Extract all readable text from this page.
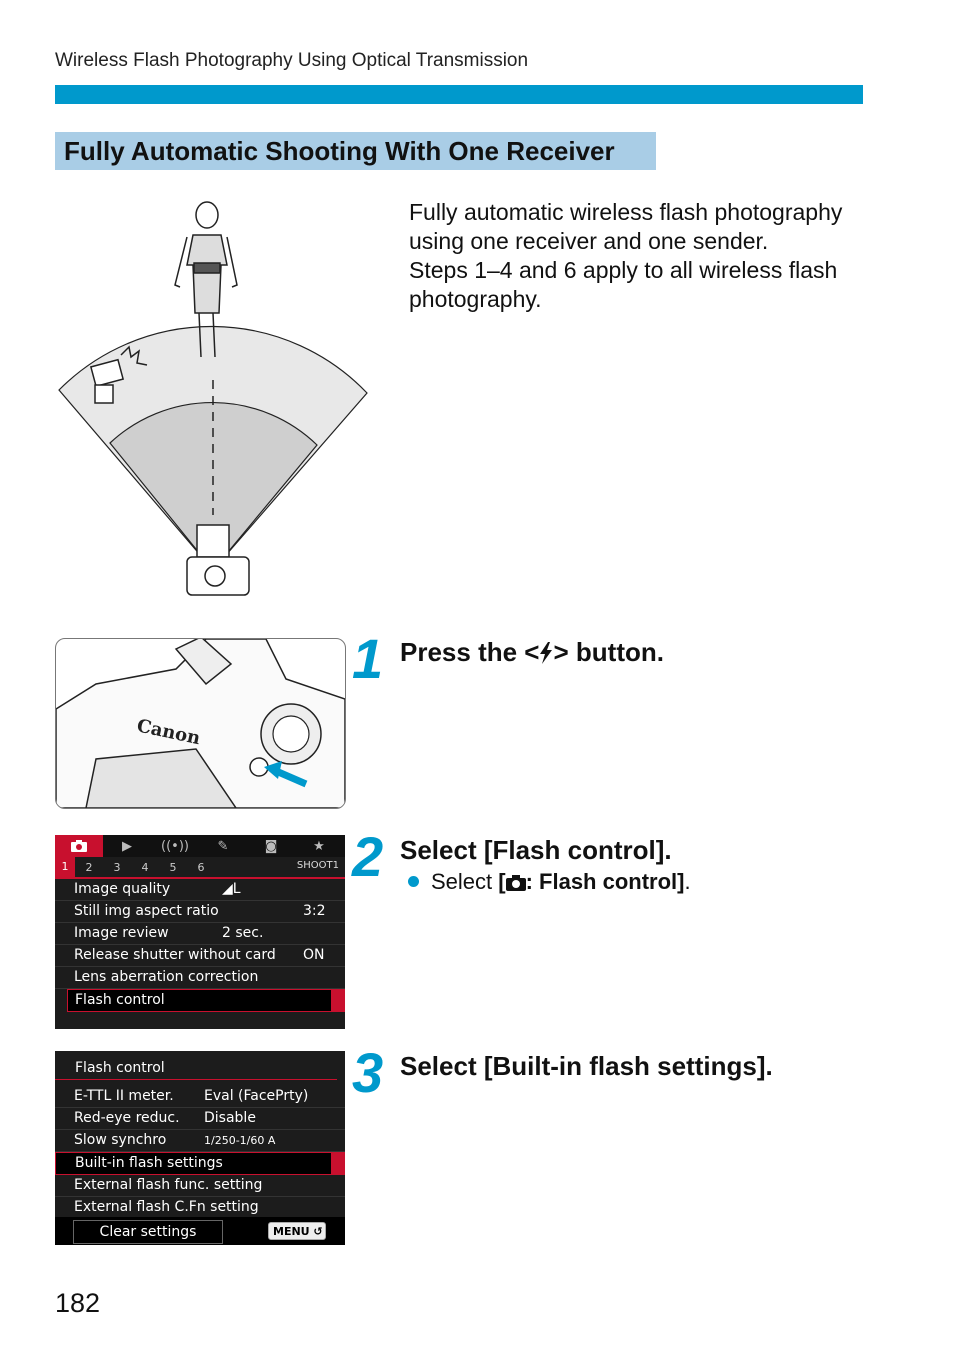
Wireless Flash Photography Using Optical Transmission
Fully Automatic Shooting With One Receiver

Fully automatic wireless flash photography using one receiver and one sender.

Steps 1–4 and 6 apply to all wireless flash photography.

Canon
1 Press the < > button.
▶	((•))	✎	◙	★
1	2	3	4	5	6	SHOOT1
Image quality	◢L
Still img aspect ratio	3:2
Image review	2 sec.
Release shutter without card ON
Lens aberration correction
Flash control
2 Select [Flash control].
Select [ : Flash control].
Flash control
E-TTL II meter. Eval (FacePrty)
Red-eye reduc. Disable
Slow synchro	1/250-1/60 A
Built-in flash settings
External flash func. setting
External flash C.Fn setting
Clear settings	MENU ↺
3 Select [Built-in flash settings].
182
